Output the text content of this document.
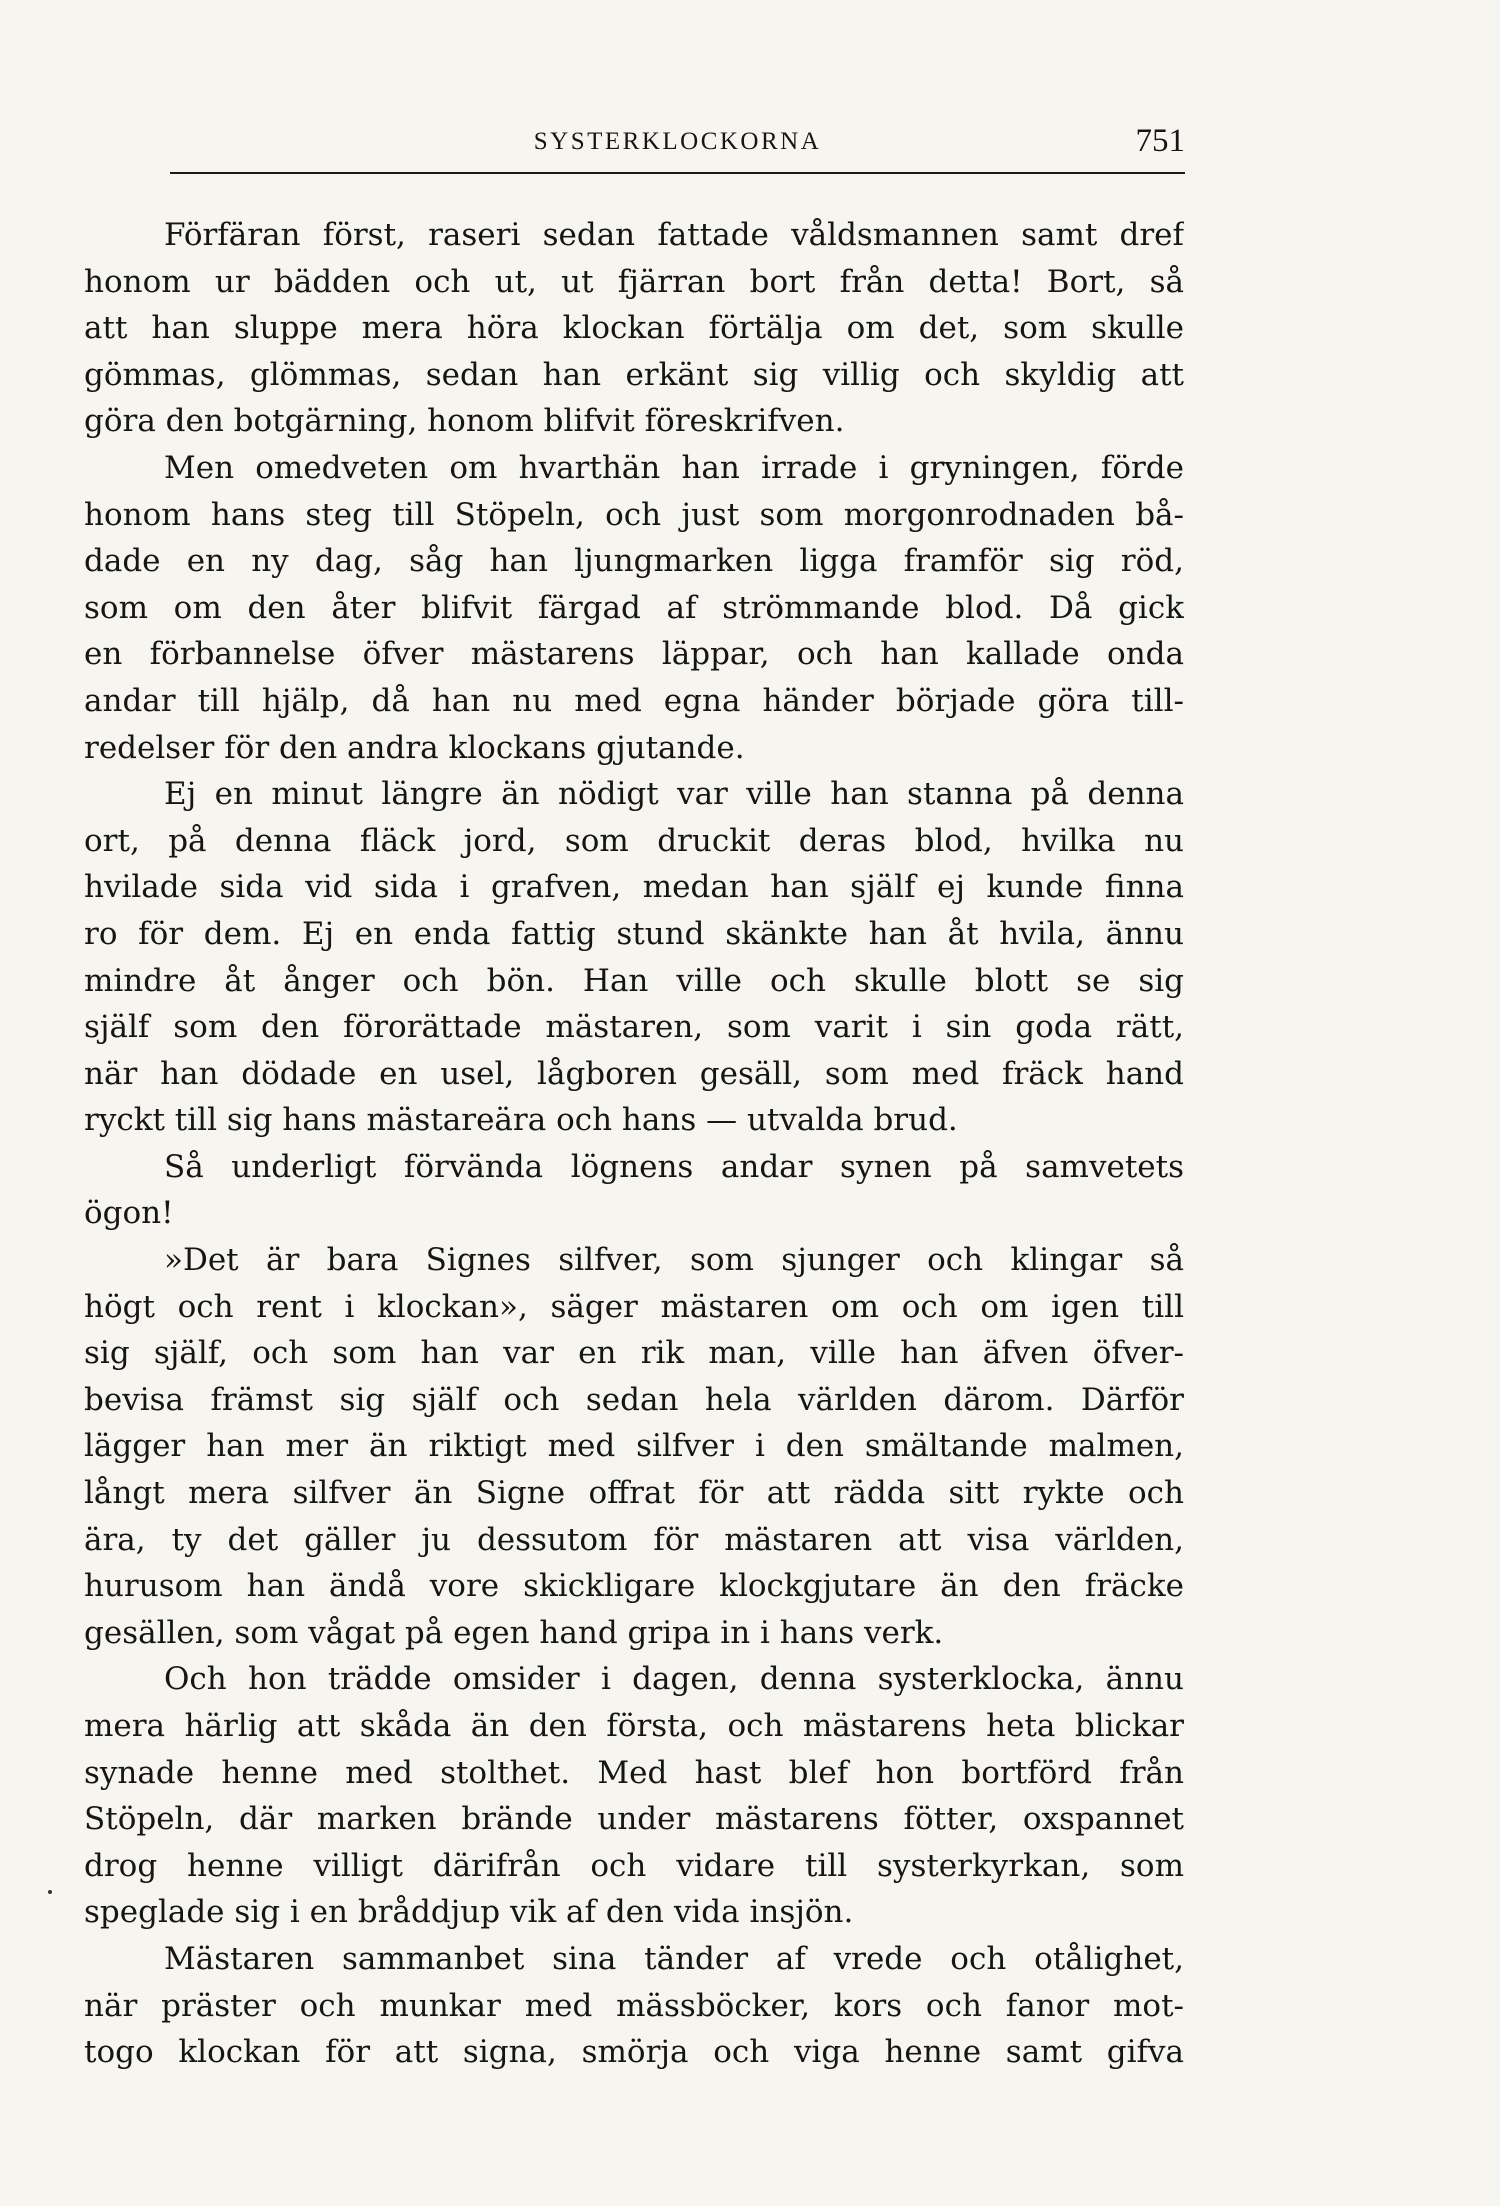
SYSTERKLOCKORNA	751
Förfäran först, raseri sedan fattade våldsmannen samt dref
honom ur bädden och ut, ut fjärran bort från detta! Bort, så
att han sluppe mera höra klockan förtälja om det, som skulle
gömmas, glömmas, sedan han erkänt sig villig och skyldig att
göra den botgärning, honom blifvit föreskrifven.
Men omedveten om hvarthän han irrade i gryningen, förde
honom hans steg till Stöpeln, och just som morgonrodnaden bå-
dade en ny dag, såg han ljungmarken ligga framför sig röd,
som om den åter blifvit färgad af strömmande blod. Då gick
en förbannelse öfver mästarens läppar, och han kallade onda
andar till hjälp, då han nu med egna händer började göra till-
redelser för den andra klockans gjutande.
Ej en minut längre än nödigt var ville han stanna på denna
ort, på denna fläck jord, som druckit deras blod, hvilka nu
hvilade sida vid sida i grafven, medan han själf ej kunde finna
ro för dem. Ej en enda fattig stund skänkte han åt hvila, ännu
mindre åt ånger och bön. Han ville och skulle blott se sig
själf som den förorättade mästaren, som varit i sin goda rätt,
när han dödade en usel, lågboren gesäll, som med fräck hand
ryckt till sig hans mästareära och hans — utvalda brud.
Så underligt förvända lögnens andar synen på samvetets
ögon!
»Det är bara Signes silfver, som sjunger och klingar så
högt och rent i klockan», säger mästaren om och om igen till
sig själf, och som han var en rik man, ville han äfven öfver-
bevisa främst sig själf och sedan hela världen därom. Därför
lägger han mer än riktigt med silfver i den smältande malmen,
långt mera silfver än Signe offrat för att rädda sitt rykte och
ära, ty det gäller ju dessutom för mästaren att visa världen,
hurusom han ändå vore skickligare klockgjutare än den fräcke
gesällen, som vågat på egen hand gripa in i hans verk.
Och hon trädde omsider i dagen, denna systerklocka, ännu
mera härlig att skåda än den första, och mästarens heta blickar
synade henne med stolthet. Med hast blef hon bortförd från
Stöpeln, där marken brände under mästarens fötter, oxspannet
drog henne villigt därifrån och vidare till systerkyrkan, som
speglade sig i en bråddjup vik af den vida insjön.
Mästaren sammanbet sina tänder af vrede och otålighet,
när präster och munkar med mässböcker, kors och fanor mot-
togo klockan för att signa, smörja och viga henne samt gifva
